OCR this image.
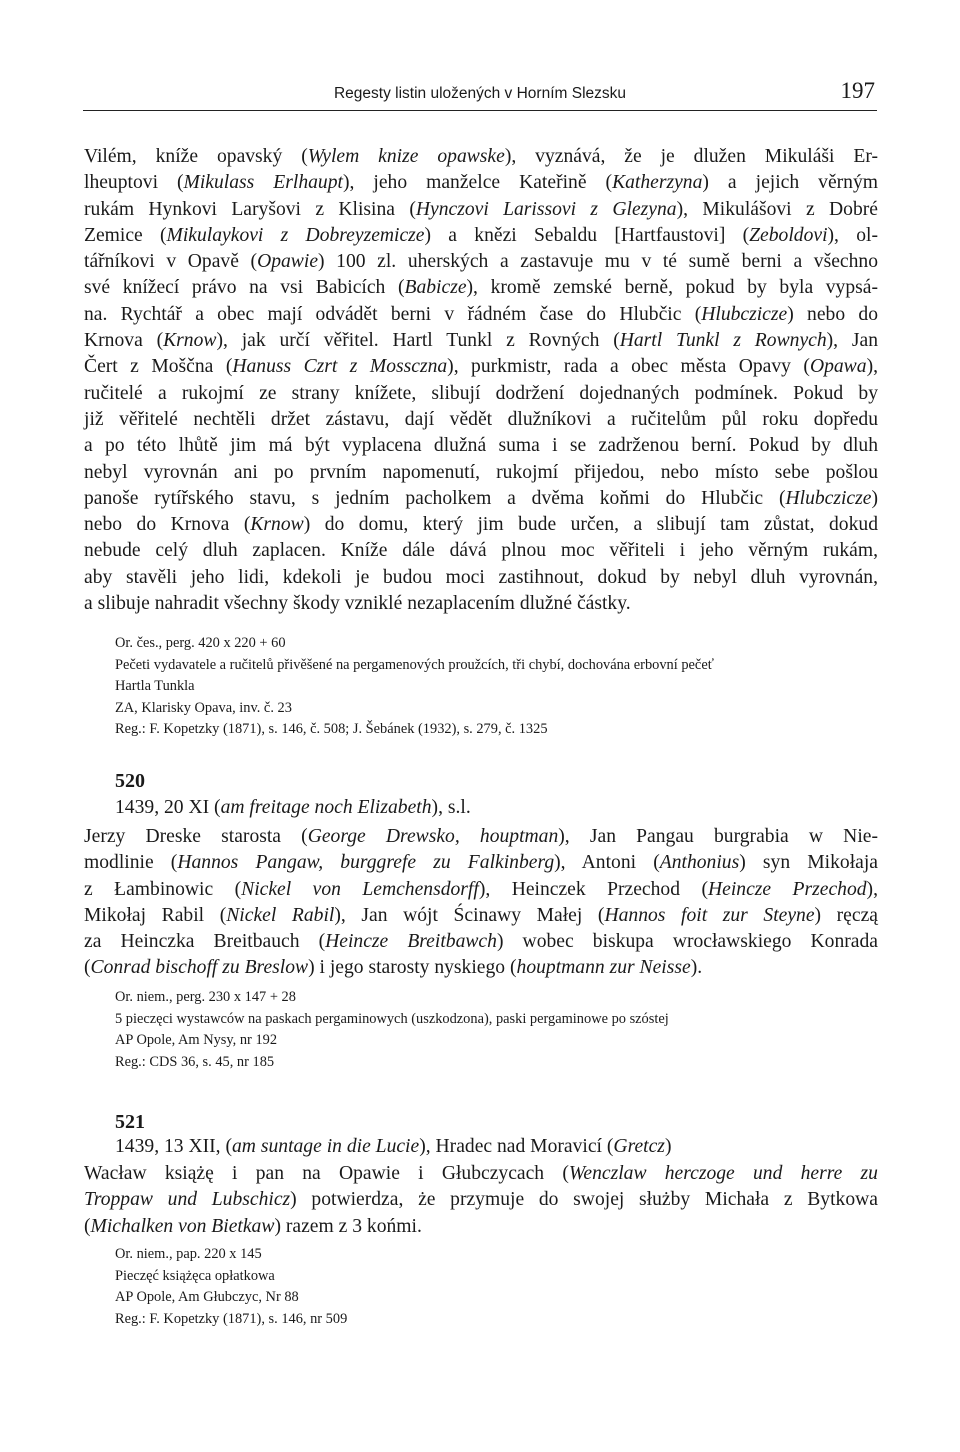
Regesty listin uložených v Horním Slezsku	197
Vilém, kníže opavský (Wylem knize opawske), vyznává, že je dlužen Mikuláši Er-
lheuptovi (Mikulass Erlhaupt), jeho manželce Kateřině (Katherzyna) a jejich věrným
rukám Hynkovi Laryšovi z Klisina (Hynczovi Larissovi z Glezyna), Mikulášovi z Dobré
Zemice (Mikulaykovi z Dobreyzemicze) a knězi Sebaldu [Hartfaustovi] (Zeboldovi), ol-
tářníkovi v Opavě (Opawie) 100 zl. uherských a zastavuje mu v té sumě berni a všechno
své knížecí právo na vsi Babicích (Babicze), kromě zemské berně, pokud by byla vypsá-
na. Rychtář a obec mají odvádět berni v řádném čase do Hlubčic (Hlubczicze) nebo do
Krnova (Krnow), jak určí věřitel. Hartl Tunkl z Rovných (Hartl Tunkl z Rownych), Jan
Čert z Moščna (Hanuss Czrt z Mossczna), purkmistr, rada a obec města Opavy (Opawa),
ručitelé a rukojmí ze strany knížete, slibují dodržení dojednaných podmínek. Pokud by
již věřitelé nechtěli držet zástavu, dají vědět dlužníkovi a ručitelům půl roku dopředu
a po této lhůtě jim má být vyplacena dlužná suma i se zadrženou berní. Pokud by dluh
nebyl vyrovnán ani po prvním napomenutí, rukojmí přijedou, nebo místo sebe pošlou
panoše rytířského stavu, s jedním pacholkem a dvěma koňmi do Hlubčic (Hlubczicze)
nebo do Krnova (Krnow) do domu, který jim bude určen, a slibují tam zůstat, dokud
nebude celý dluh zaplacen. Kníže dále dává plnou moc věřiteli i jeho věrným rukám,
aby stavěli jeho lidi, kdekoli je budou moci zastihnout, dokud by nebyl dluh vyrovnán,
a slibuje nahradit všechny škody vzniklé nezaplacením dlužné částky.
Or. čes., perg. 420 x 220 + 60
Pečeti vydavatele a ručitelů přivěšené na pergamenových proužcích, tři chybí, dochována erbovní pečeť
Hartla Tunkla
ZA, Klarisky Opava, inv. č. 23
Reg.: F. Kopetzky (1871), s. 146, č. 508; J. Šebánek (1932), s. 279, č. 1325
520
1439, 20 XI (am freitage noch Elizabeth), s.l.
Jerzy Dreske starosta (George Drewsko, houptman), Jan Pangau burgrabia w Nie-
modlinie (Hannos Pangaw, burggrefe zu Falkinberg), Antoni (Anthonius) syn Mikołaja
z Łambinowic (Nickel von Lemchensdorff), Heinczek Przechod (Heincze Przechod),
Mikołaj Rabil (Nickel Rabil), Jan wójt Ścinawy Małej (Hannos foit zur Steyne) ręczą
za Heinczka Breitbauch (Heincze Breitbawch) wobec biskupa wrocławskiego Konrada
(Conrad bischoff zu Breslow) i jego starosty nyskiego (houptmann zur Neisse).
Or. niem., perg. 230 x 147 + 28
5 pieczęci wystawców na paskach pergaminowych (uszkodzona), paski pergaminowe po szóstej
AP Opole, Am Nysy, nr 192
Reg.: CDS 36, s. 45, nr 185
521
1439, 13 XII, (am suntage in die Lucie), Hradec nad Moravicí (Gretcz)
Wacław książę i pan na Opawie i Głubczycach (Wenczlaw herczoge und herre zu
Troppaw und Lubschicz) potwierdza, że przymuje do swojej służby Michała z Bytkowa
(Michalken von Bietkaw) razem z 3 końmi.
Or. niem., pap. 220 x 145
Pieczęć książęca opłatkowa
AP Opole, Am Głubczyc, Nr 88
Reg.: F. Kopetzky (1871), s. 146, nr 509
